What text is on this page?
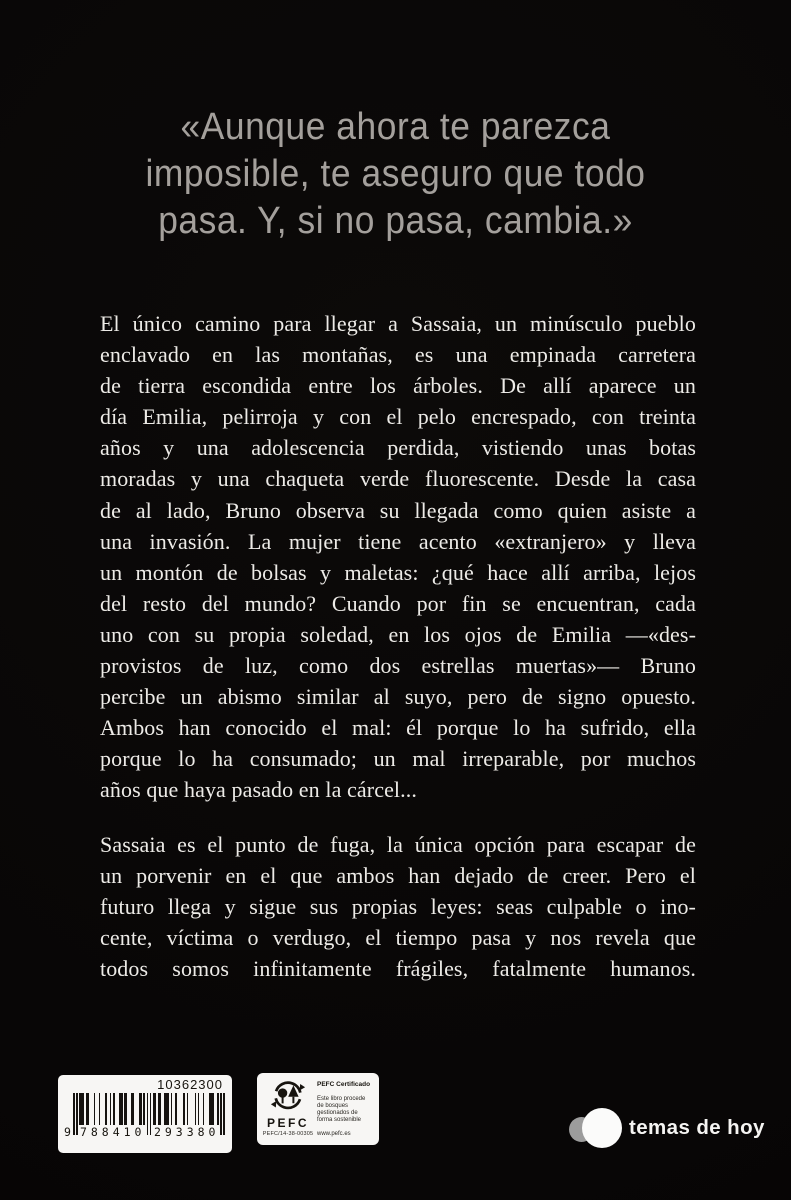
«Aunque ahora te parezca
imposible, te aseguro que todo
pasa. Y, si no pasa, cambia.»
El único camino para llegar a Sassaia, un minúsculo pueblo
enclavado en las montañas, es una empinada carretera
de tierra escondida entre los árboles. De allí aparece un
día Emilia, pelirroja y con el pelo encrespado, con treinta
años y una adolescencia perdida, vistiendo unas botas
moradas y una chaqueta verde fluorescente. Desde la casa
de al lado, Bruno observa su llegada como quien asiste a
una invasión. La mujer tiene acento «extranjero» y lleva
un montón de bolsas y maletas: ¿qué hace allí arriba, lejos
del resto del mundo? Cuando por fin se encuentran, cada
uno con su propia soledad, en los ojos de Emilia —«des-
provistos de luz, como dos estrellas muertas»— Bruno
percibe un abismo similar al suyo, pero de signo opuesto.
Ambos han conocido el mal: él porque lo ha sufrido, ella
porque lo ha consumado; un mal irreparable, por muchos
años que haya pasado en la cárcel...
Sassaia es el punto de fuga, la única opción para escapar de
un porvenir en el que ambos han dejado de creer. Pero el
futuro llega y sigue sus propias leyes: seas culpable o ino-
cente, víctima o verdugo, el tiempo pasa y nos revela que
todos somos infinitamente frágiles, fatalmente humanos.
10362300
9 788410 293380
PEFC
PEFC/14-38-00305
PEFC Certificado
Este libro procede de bosques gestionados de forma sostenible
www.pefc.es	temas de hoy
